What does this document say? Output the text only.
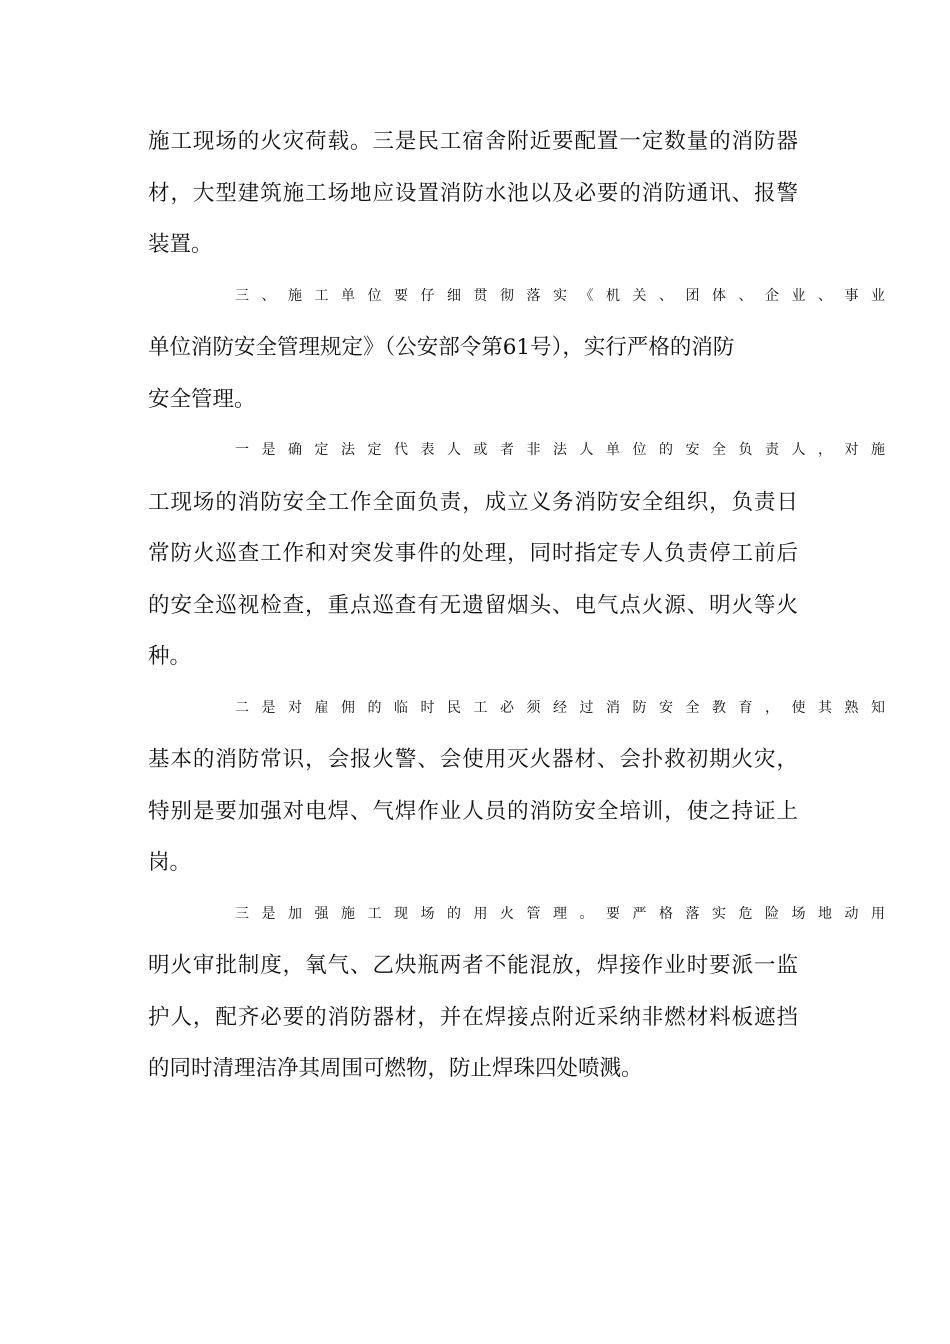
施工现场的火灾荷载。三是民工宿舍附近要配置一定数量的消防器
材，大型建筑施工场地应设置消防水池以及必要的消防通讯、报警
装置。
三、施工单位要仔细贯彻落实《机关、团体、企业、事业
单位消防安全管理规定》（公安部令第61号），实行严格的消防
安全管理。
一是确定法定代表人或者非法人单位的安全负责人，对施
工现场的消防安全工作全面负责，成立义务消防安全组织，负责日
常防火巡查工作和对突发事件的处理，同时指定专人负责停工前后
的安全巡视检查，重点巡查有无遗留烟头、电气点火源、明火等火
种。
二是对雇佣的临时民工必须经过消防安全教育，使其熟知
基本的消防常识，会报火警、会使用灭火器材、会扑救初期火灾，
特别是要加强对电焊、气焊作业人员的消防安全培训，使之持证上
岗。
三是加强施工现场的用火管理。要严格落实危险场地动用
明火审批制度，氧气、乙炔瓶两者不能混放，焊接作业时要派一监
护人，配齐必要的消防器材，并在焊接点附近采纳非燃材料板遮挡
的同时清理洁净其周围可燃物，防止焊珠四处喷溅。
